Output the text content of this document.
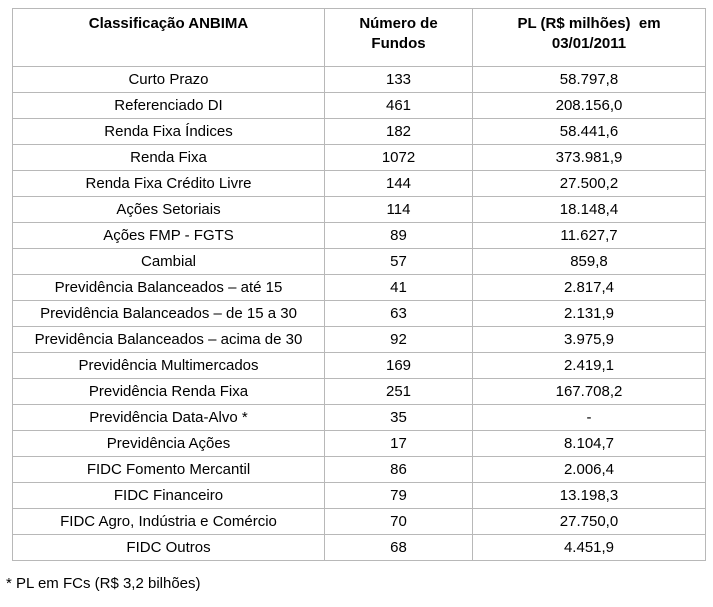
Classificação ANBIMA	Número de Fundos	PL (R$ milhões)  em 03/01/2011

Curto Prazo	133	58.797,8
Referenciado DI	461	208.156,0
Renda Fixa Índices	182	58.441,6
Renda Fixa	1072	373.981,9
Renda Fixa Crédito Livre	144	27.500,2
Ações Setoriais	114	18.148,4
Ações FMP - FGTS	89	11.627,7
Cambial	57	859,8
Previdência Balanceados – até 15	41	2.817,4
Previdência Balanceados – de 15 a 30	63	2.131,9
Previdência Balanceados – acima de 30	92	3.975,9
Previdência Multimercados	169	2.419,1
Previdência Renda Fixa	251	167.708,2
Previdência Data-Alvo *	35	-
Previdência Ações	17	8.104,7
FIDC Fomento Mercantil	86	2.006,4
FIDC Financeiro	79	13.198,3
FIDC Agro, Indústria e Comércio	70	27.750,0
FIDC Outros	68	4.451,9
* PL em FCs (R$ 3,2 bilhões)
